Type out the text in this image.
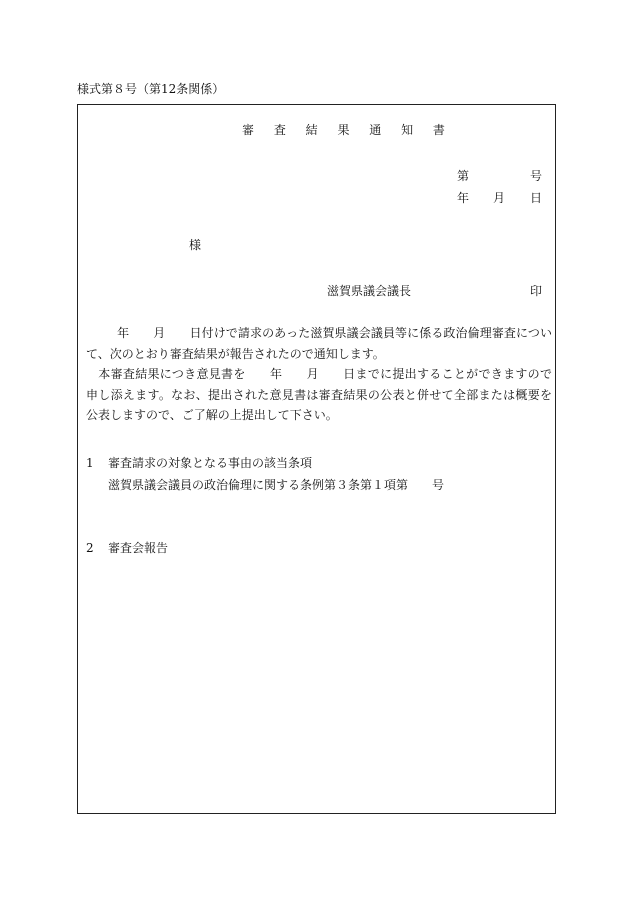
様式第８号（第12条関係）
審 査 結 果 通 知 書
第	号
年 月 日
様
滋賀県議会議長	印
年 月 日付けで請求のあった滋賀県議会議員等に係る政治倫理審査について、次のとおり審査結果が報告されたので通知します。
本審査結果につき意見書を 年 月 日までに提出することができますので申し添えます。なお、提出された意見書は審査結果の公表と併せて全部または概要を公表しますので、ご了解の上提出して下さい。
1 審査請求の対象となる事由の該当条項
滋賀県議会議員の政治倫理に関する条例第３条第１項第 号
2 審査会報告
